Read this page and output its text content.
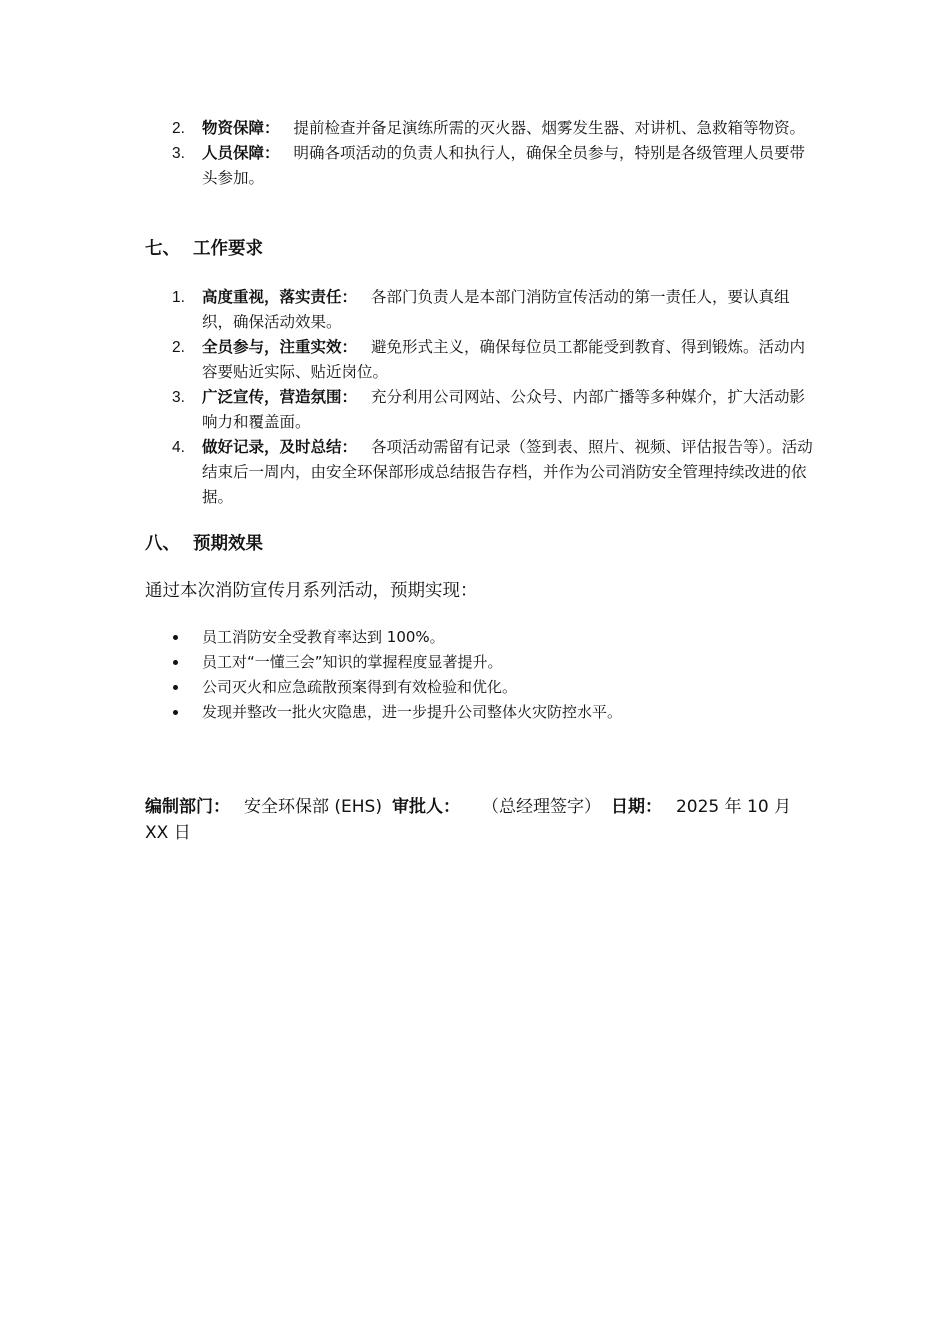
2. 物资保障： 提前检查并备足演练所需的灭火器、烟雾发生器、对讲机、急救箱等物资。
3. 人员保障： 明确各项活动的负责人和执行人，确保全员参与，特别是各级管理人员要带头参加。
七、 工作要求
1. 高度重视，落实责任： 各部门负责人是本部门消防宣传活动的第一责任人，要认真组织，确保活动效果。
2. 全员参与，注重实效： 避免形式主义，确保每位员工都能受到教育、得到锻炼。活动内容要贴近实际、贴近岗位。
3. 广泛宣传，营造氛围： 充分利用公司网站、公众号、内部广播等多种媒介，扩大活动影响力和覆盖面。
4. 做好记录，及时总结： 各项活动需留有记录（签到表、照片、视频、评估报告等）。活动结束后一周内，由安全环保部形成总结报告存档，并作为公司消防安全管理持续改进的依据。
八、 预期效果

通过本次消防宣传月系列活动，预期实现：

员工消防安全受教育率达到 100%。
员工对“一懂三会”知识的掌握程度显著提升。
公司灭火和应急疏散预案得到有效检验和优化。
发现并整改一批火灾隐患，进一步提升公司整体火灾防控水平。

编制部门： 安全环保部 (EHS) 审批人： （总经理签字） 日期： 2025 年 10 月 XX 日
